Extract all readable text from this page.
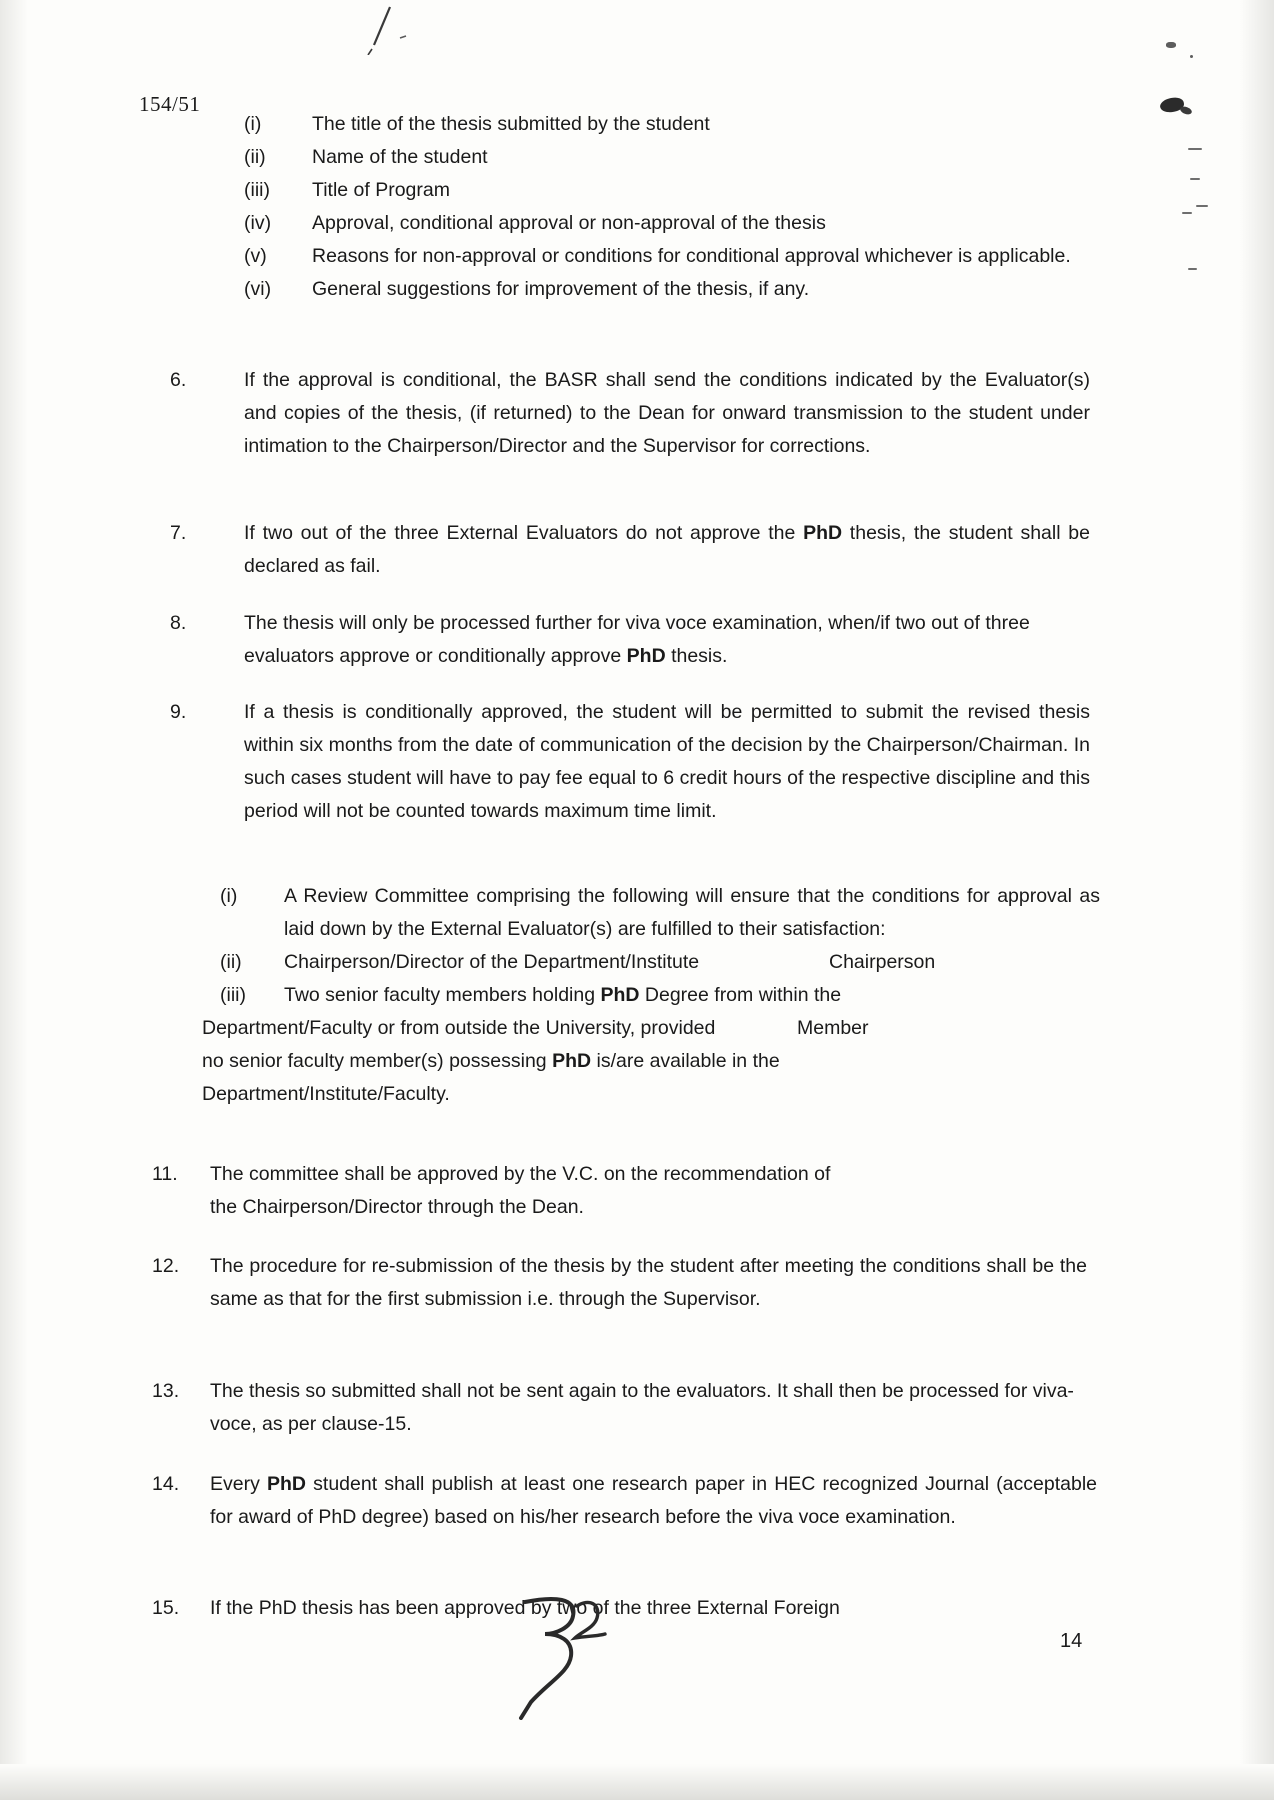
154/51
(i)	The title of the thesis submitted by the student
(ii)	Name of the student
(iii)	Title of Program
(iv)	Approval, conditional approval or non-approval of the thesis
(v)	Reasons for non-approval or conditions for conditional approval whichever is applicable.
(vi)	General suggestions for improvement of the thesis, if any.
6.	If the approval is conditional, the BASR shall send the conditions indicated by the Evaluator(s) and copies of the thesis, (if returned) to the Dean for onward transmission to the student under intimation to the Chairperson/Director and the Supervisor for corrections.
7.	If two out of the three External Evaluators do not approve the PhD thesis, the student shall be declared as fail.
8.	The thesis will only be processed further for viva voce examination, when/if two out of three evaluators approve or conditionally approve PhD thesis.
9.	If a thesis is conditionally approved, the student will be permitted to submit the revised thesis within six months from the date of communication of the decision by the Chairperson/Chairman. In such cases student will have to pay fee equal to 6 credit hours of the respective discipline and this period will not be counted towards maximum time limit.
(i)	A Review Committee comprising the following will ensure that the conditions for approval as laid down by the External Evaluator(s) are fulfilled to their satisfaction:
(ii)	Chairperson/Director of the Department/Institute	Chairperson
(iii)	Two senior faculty members holding PhD Degree from within the
Department/Faculty or from outside the University, provided	Member
no senior faculty member(s) possessing PhD is/are available in the
Department/Institute/Faculty.
11.	The committee shall be approved by the V.C. on the recommendation of
the Chairperson/Director through the Dean.
12.	The procedure for re-submission of the thesis by the student after meeting the conditions shall be the same as that for the first submission i.e. through the Supervisor.
13.	The thesis so submitted shall not be sent again to the evaluators. It shall then be processed for viva-voce, as per clause-15.
14.	Every PhD student shall publish at least one research paper in HEC recognized Journal (acceptable for award of PhD degree) based on his/her research before the viva voce examination.
15.	If the PhD thesis has been approved by two of the three External Foreign
14
